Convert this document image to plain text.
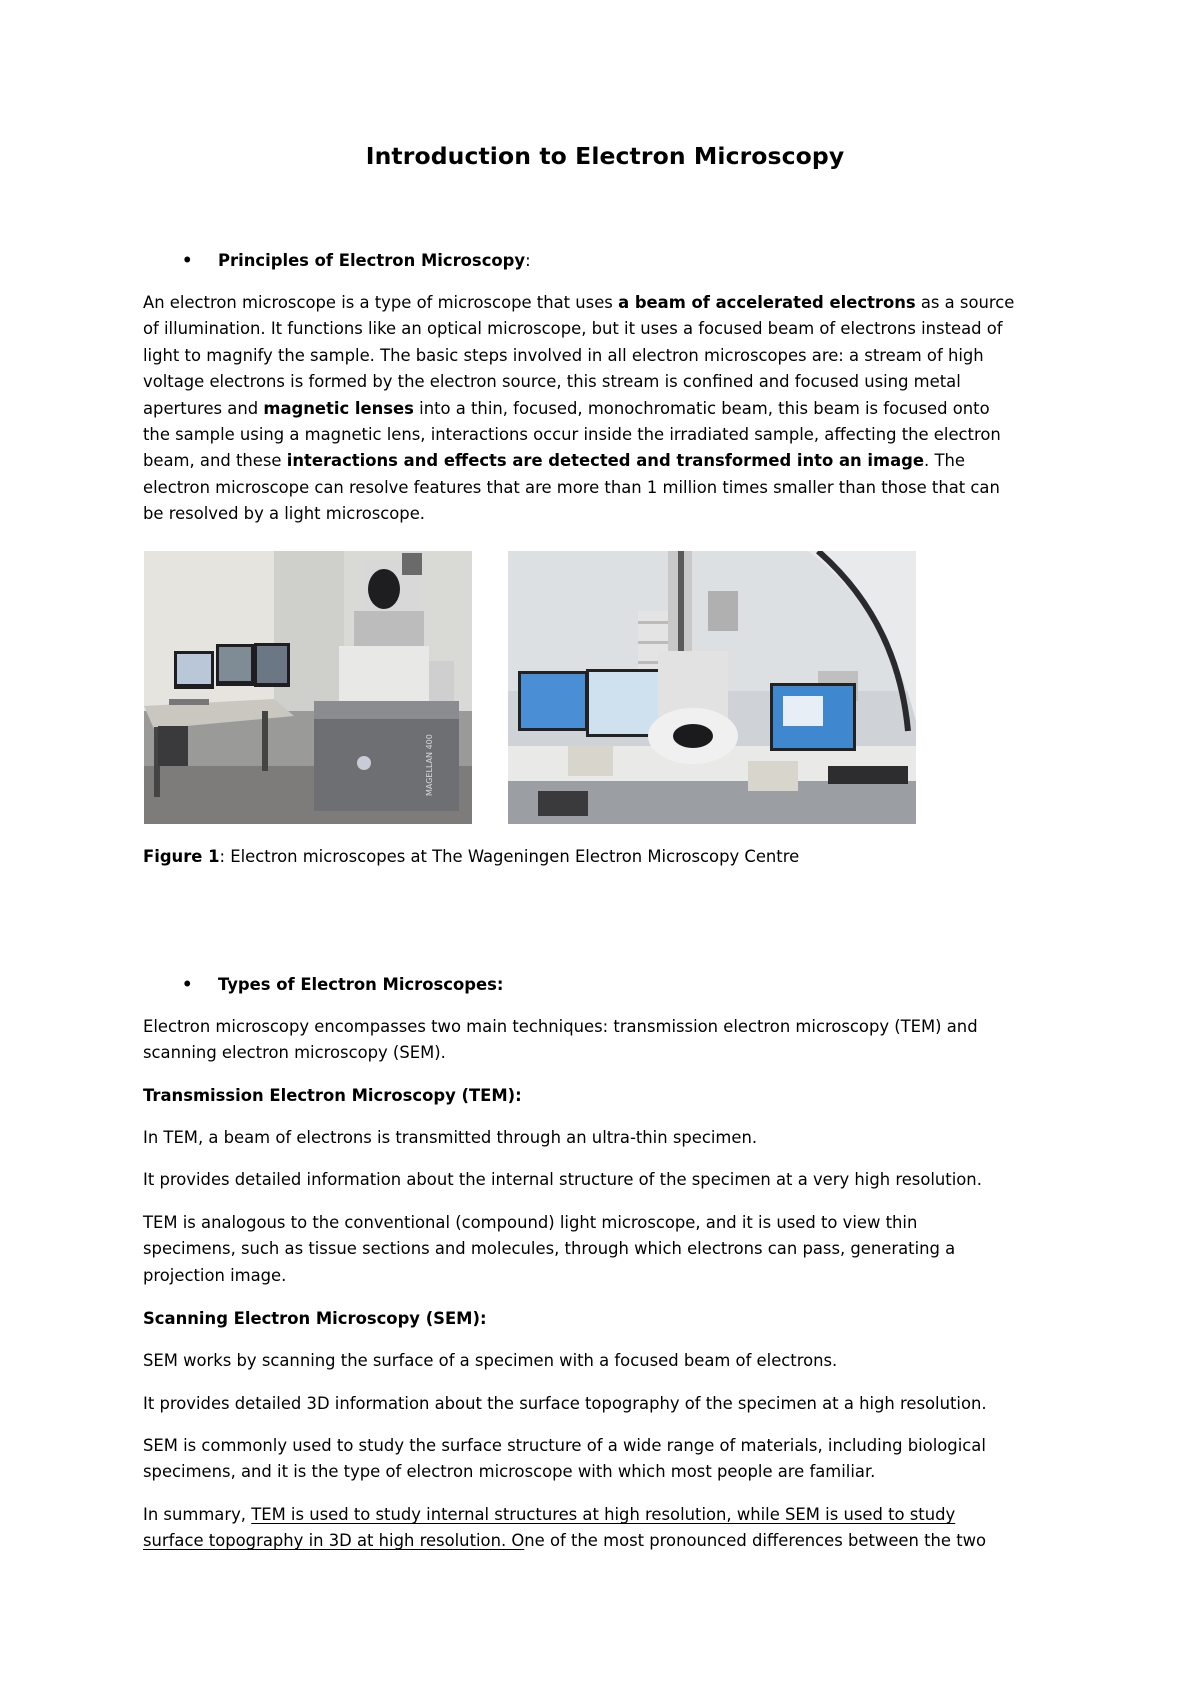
Introduction to Electron Microscopy
• Principles of Electron Microscopy:
An electron microscope is a type of microscope that uses a beam of accelerated electrons as a source
of illumination. It functions like an optical microscope, but it uses a focused beam of electrons instead of
light to magnify the sample. The basic steps involved in all electron microscopes are: a stream of high
voltage electrons is formed by the electron source, this stream is confined and focused using metal
apertures and magnetic lenses into a thin, focused, monochromatic beam, this beam is focused onto
the sample using a magnetic lens, interactions occur inside the irradiated sample, affecting the electron
beam, and these interactions and effects are detected and transformed into an image. The
electron microscope can resolve features that are more than 1 million times smaller than those that can
be resolved by a light microscope.
MAGELLAN 400
Figure 1: Electron microscopes at The Wageningen Electron Microscopy Centre
• Types of Electron Microscopes:
Electron microscopy encompasses two main techniques: transmission electron microscopy (TEM) and
scanning electron microscopy (SEM).
Transmission Electron Microscopy (TEM):
In TEM, a beam of electrons is transmitted through an ultra-thin specimen.
It provides detailed information about the internal structure of the specimen at a very high resolution.
TEM is analogous to the conventional (compound) light microscope, and it is used to view thin
specimens, such as tissue sections and molecules, through which electrons can pass, generating a
projection image.
Scanning Electron Microscopy (SEM):
SEM works by scanning the surface of a specimen with a focused beam of electrons.
It provides detailed 3D information about the surface topography of the specimen at a high resolution.
SEM is commonly used to study the surface structure of a wide range of materials, including biological
specimens, and it is the type of electron microscope with which most people are familiar.
In summary, TEM is used to study internal structures at high resolution, while SEM is used to study
surface topography in 3D at high resolution. One of the most pronounced differences between the two
